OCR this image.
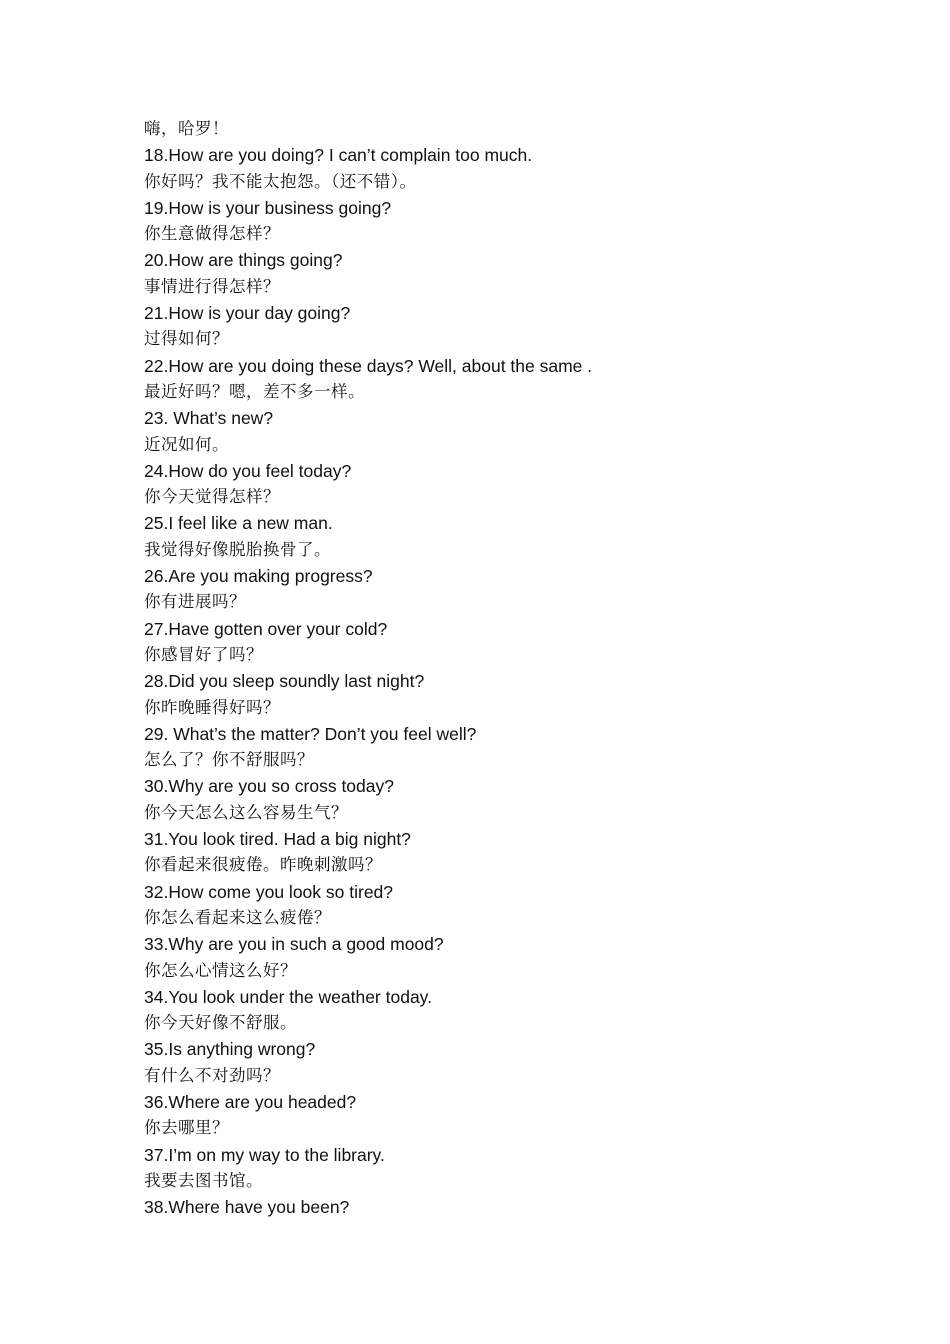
嗨，哈罗！
18.How are you doing? I can’t complain too much.
你好吗？我不能太抱怨。（还不错）。
19.How is your business going?
你生意做得怎样？
20.How are things going?
事情进行得怎样？
21.How is your day going?
过得如何？
22.How are you doing these days? Well, about the same .
最近好吗？嗯，差不多一样。
23. What’s new?
近况如何。
24.How do you feel today?
你今天觉得怎样？
25.I feel like a new man.
我觉得好像脱胎换骨了。
26.Are you making progress?
你有进展吗？
27.Have gotten over your cold?
你感冒好了吗？
28.Did you sleep soundly last night?
你昨晚睡得好吗？
29. What’s the matter? Don’t you feel well?
怎么了？你不舒服吗？
30.Why are you so cross today?
你今天怎么这么容易生气？
31.You look tired. Had a big night?
你看起来很疲倦。昨晚刺激吗？
32.How come you look so tired?
你怎么看起来这么疲倦？
33.Why are you in such a good mood?
你怎么心情这么好？
34.You look under the weather today.
你今天好像不舒服。
35.Is anything wrong?
有什么不对劲吗？
36.Where are you headed?
你去哪里？
37.I’m on my way to the library.
我要去图书馆。
38.Where have you been?
